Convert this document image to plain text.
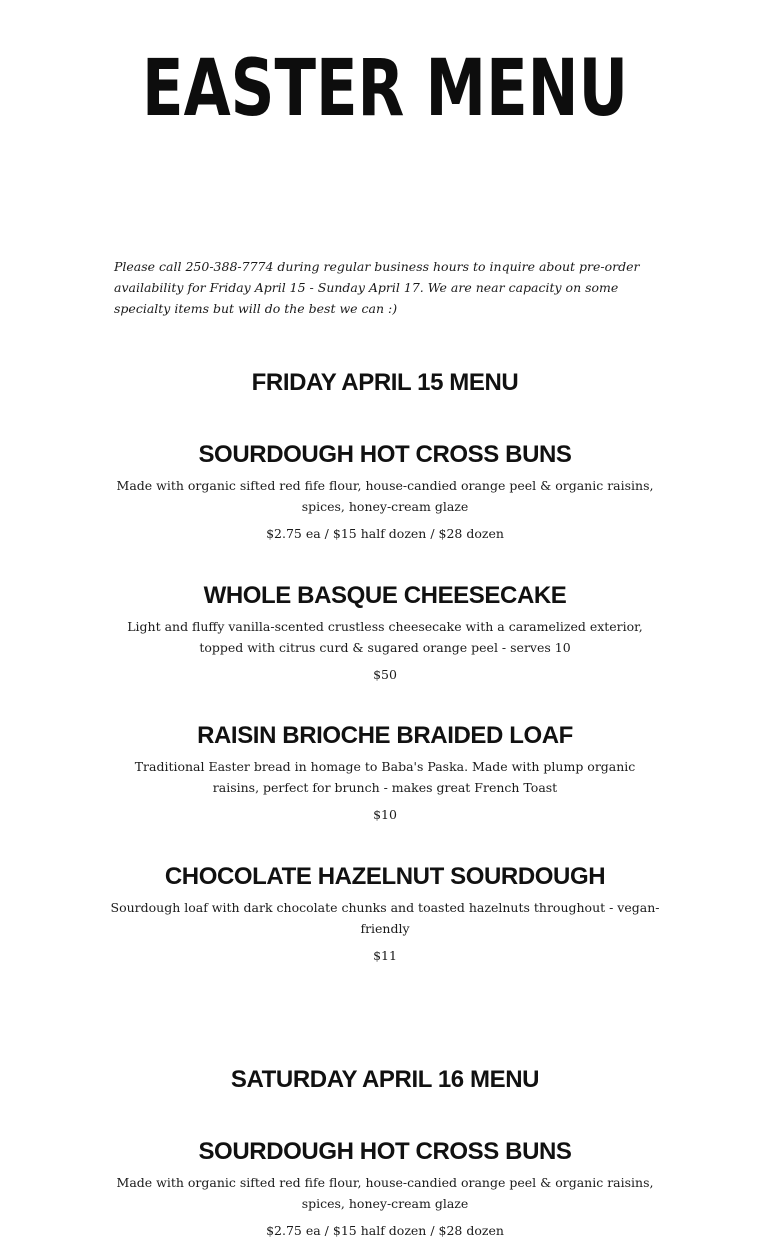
EASTER MENU

Please call 250-388-7774 during regular business hours to inquire about pre-order availability for Friday April 15 - Sunday April 17. We are near capacity on some specialty items but will do the best we can :)

FRIDAY APRIL 15 MENU
SOURDOUGH HOT CROSS BUNS

Made with organic sifted red fife flour, house-candied orange peel & organic raisins, spices, honey-cream glaze

$2.75 ea / $15 half dozen / $28 dozen

WHOLE BASQUE CHEESECAKE

Light and fluffy vanilla-scented crustless cheesecake with a caramelized exterior, topped with citrus curd & sugared orange peel - serves 10

$50

RAISIN BRIOCHE BRAIDED LOAF

Traditional Easter bread in homage to Baba's Paska. Made with plump organic raisins, perfect for brunch - makes great French Toast

$10

CHOCOLATE HAZELNUT SOURDOUGH

Sourdough loaf with dark chocolate chunks and toasted hazelnuts throughout - vegan-friendly

$11

SATURDAY APRIL 16 MENU
SOURDOUGH HOT CROSS BUNS

Made with organic sifted red fife flour, house-candied orange peel & organic raisins, spices, honey-cream glaze

$2.75 ea / $15 half dozen / $28 dozen
